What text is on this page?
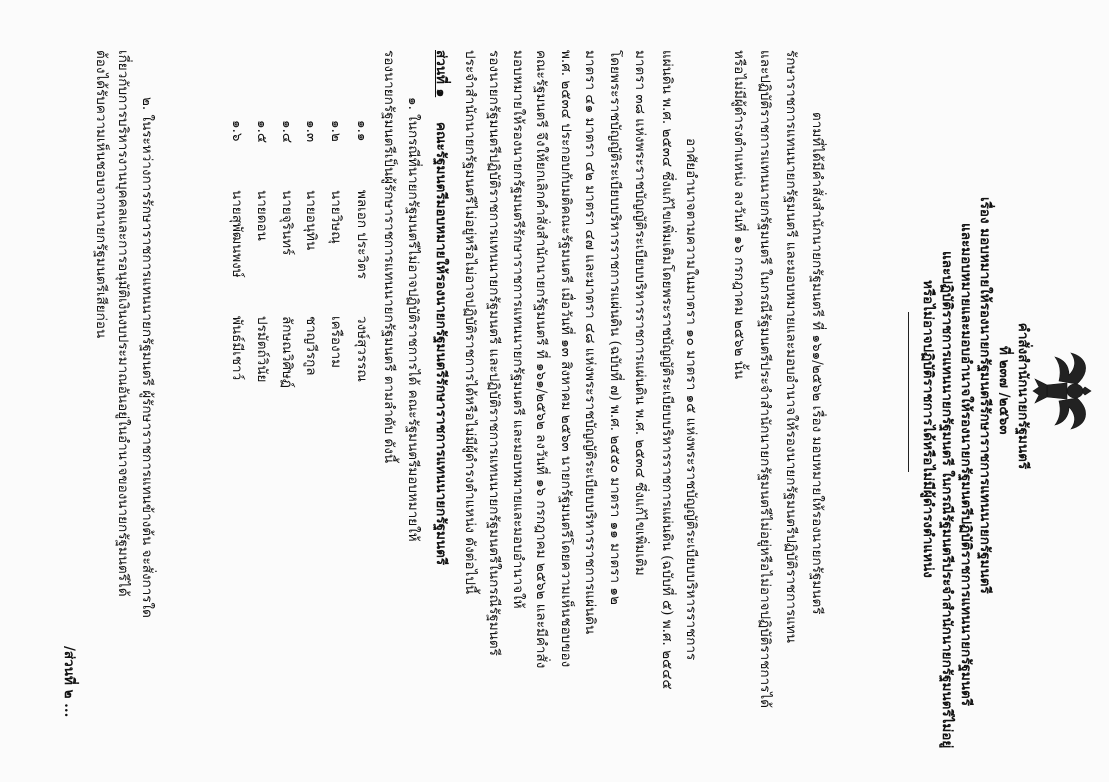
คำสั่งสำนักนายกรัฐมนตรี
ที่ ๒๓๗ /๒๕๖๓
เรื่อง มอบหมายให้รองนายกรัฐมนตรีรักษาราชการแทนนายกรัฐมนตรี
และมอบหมายและมอบอำนาจให้รองนายกรัฐมนตรีปฏิบัติราชการแทนนายกรัฐมนตรี
และปฏิบัติราชการแทนนายกรัฐมนตรี ในกรณีรัฐมนตรีประจำสำนักนายกรัฐมนตรีไม่อยู่
หรือไม่อาจปฏิบัติราชการได้หรือไม่มีผู้ดำรงตำแหน่ง
ตามที่ได้มีคำสั่งสำนักนายกรัฐมนตรี ที่ ๑๖๑/๒๕๖๒ เรื่อง มอบหมายให้รองนายกรัฐมนตรี
รักษาราชการแทนนายกรัฐมนตรี และมอบหมายและมอบอำนาจให้รองนายกรัฐมนตรีปฏิบัติราชการแทน
และปฏิบัติราชการแทนนายกรัฐมนตรี ในกรณีรัฐมนตรีประจำสำนักนายกรัฐมนตรีไม่อยู่หรือไม่อาจปฏิบัติราชการได้
หรือไม่มีผู้ดำรงตำแหน่ง ลงวันที่ ๑๖ กรกฎาคม ๒๕๖๒ นั้น
อาศัยอำนาจตามความในมาตรา ๑๐ มาตรา ๑๕ แห่งพระราชบัญญัติระเบียบบริหารราชการ
แผ่นดิน พ.ศ. ๒๕๓๔ ซึ่งแก้ไขเพิ่มเติมโดยพระราชบัญญัติระเบียบบริหารราชการแผ่นดิน (ฉบับที่ ๕) พ.ศ. ๒๕๔๕
มาตรา ๓๘ แห่งพระราชบัญญัติระเบียบบริหารราชการแผ่นดิน พ.ศ. ๒๕๓๔ ซึ่งแก้ไขเพิ่มเติม
โดยพระราชบัญญัติระเบียบบริหารราชการแผ่นดิน (ฉบับที่ ๗) พ.ศ. ๒๕๕๐ มาตรา ๑๑ มาตรา ๑๒
มาตรา ๔๑ มาตรา ๔๒ มาตรา ๔๗ และมาตรา ๔๘ แห่งพระราชบัญญัติระเบียบบริหารราชการแผ่นดิน
พ.ศ. ๒๕๓๔ ประกอบกับมติคณะรัฐมนตรี เมื่อวันที่ ๑๓ สิงหาคม ๒๕๖๓ นายกรัฐมนตรีโดยความเห็นชอบของ
คณะรัฐมนตรี จึงให้ยกเลิกคำสั่งสำนักนายกรัฐมนตรี ที่ ๑๖๑/๒๕๖๒ ลงวันที่ ๑๖ กรกฎาคม ๒๕๖๒ และมีคำสั่ง
มอบหมายให้รองนายกรัฐมนตรีรักษาราชการแทนนายกรัฐมนตรี และมอบหมายและมอบอำนาจให้
รองนายกรัฐมนตรีปฏิบัติราชการแทนนายกรัฐมนตรี และปฏิบัติราชการแทนนายกรัฐมนตรีในกรณีรัฐมนตรี
ประจำสำนักนายกรัฐมนตรีไม่อยู่หรือไม่อาจปฏิบัติราชการได้หรือไม่มีผู้ดำรงตำแหน่ง ดังต่อไปนี้
ส่วนที่ ๑
คณะรัฐมนตรีมอบหมายให้รองนายกรัฐมนตรีรักษาราชการแทนนายกรัฐมนตรี
๑. ในกรณีที่นายกรัฐมนตรีไม่อาจปฏิบัติราชการได้ คณะรัฐมนตรีมอบหมายให้
รองนายกรัฐมนตรีเป็นผู้รักษาราชการแทนนายกรัฐมนตรี ตามลำดับ ดังนี้
๑.๑
พลเอก ประวิตร
วงษ์สุวรรณ
๑.๒
นายวิษณุ
เครืองาม
๑.๓
นายอนุทิน
ชาญวีรกูล
๑.๔
นายจุรินทร์
ลักษณวิศิษฏ์
๑.๕
นายดอน
ปรมัตถ์วินัย
๑.๖
นายสุพัฒนพงษ์
พันธ์มีเชาว์
๒. ในระหว่างการรักษาราชการแทนนายกรัฐมนตรี ผู้รักษาราชการแทนข้างต้น จะสั่งการใด
เกี่ยวกับการบริหารงานบุคคลและการอนุมัติเงินงบประมาณอันอยู่ในอำนาจของนายกรัฐมนตรีได้
ต้องได้รับความเห็นชอบจากนายกรัฐมนตรีเสียก่อน
/ส่วนที่ ๒ ...
